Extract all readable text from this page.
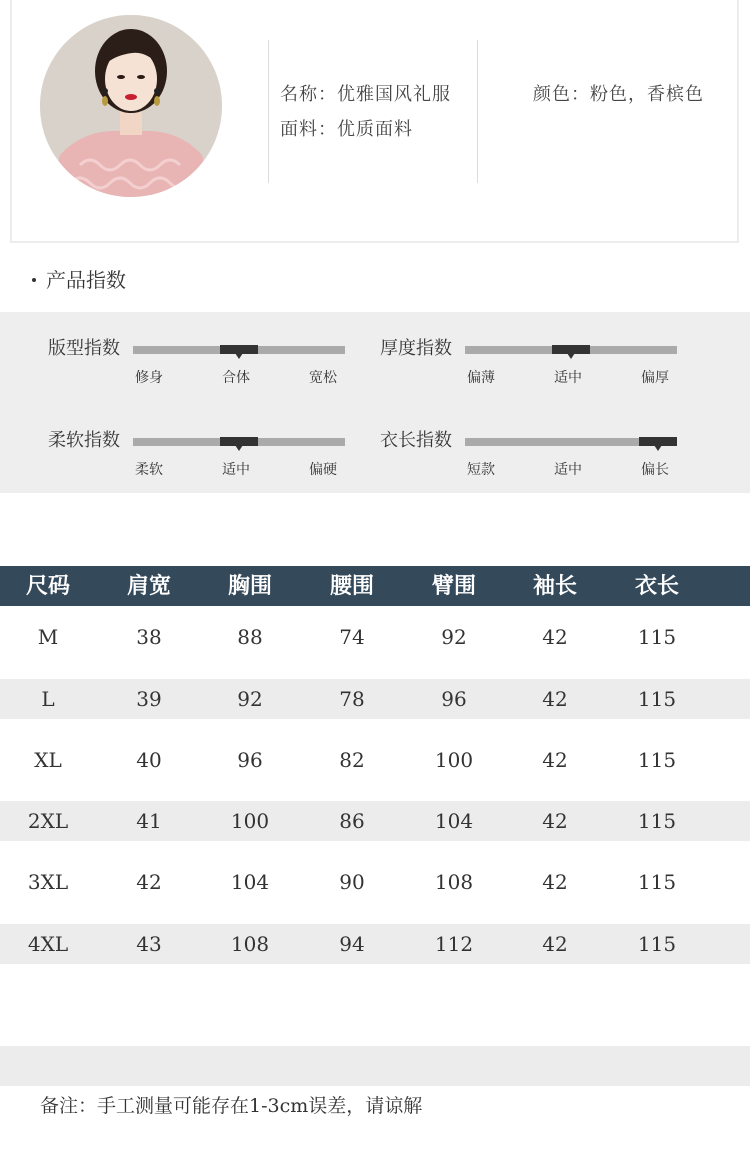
名称：优雅国风礼服
面料：优质面料
颜色：粉色，香槟色
产品指数
版型指数
修身	合体	宽松
厚度指数
偏薄	适中	偏厚
柔软指数
柔软	适中	偏硬
衣长指数
短款	适中	偏长
尺码	肩宽	胸围	腰围	臂围	袖长	衣长
M	38	88	74	92	42	115
L	39	92	78	96	42	115
XL	40	96	82	100	42	115
2XL	41	100	86	104	42	115
3XL	42	104	90	108	42	115
4XL	43	108	94	112	42	115
备注：手工测量可能存在1-3cm误差，请谅解
